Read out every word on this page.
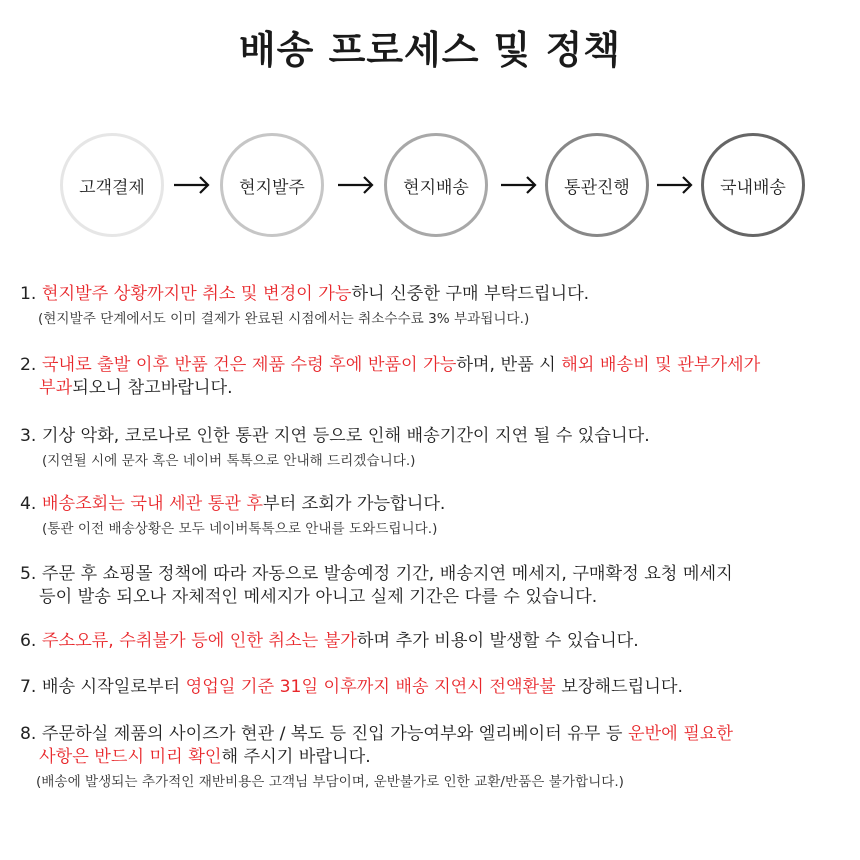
배송 프로세스 및 정책
고객결제	현지발주	현지배송	통관진행	국내배송

1. 현지발주 상황까지만 취소 및 변경이 가능하니 신중한 구매 부탁드립니다.

(현지발주 단계에서도 이미 결제가 완료된 시점에서는 취소수수료 3% 부과됩니다.)

2. 국내로 출발 이후 반품 건은 제품 수령 후에 반품이 가능하며, 반품 시 해외 배송비 및 관부가세가
부과되오니 참고바랍니다.

3. 기상 악화, 코로나로 인한 통관 지연 등으로 인해 배송기간이 지연 될 수 있습니다.

(지연될 시에 문자 혹은 네이버 톡톡으로 안내해 드리겠습니다.)

4. 배송조회는 국내 세관 통관 후부터 조회가 가능합니다.

(통관 이전 배송상황은 모두 네이버톡톡으로 안내를 도와드립니다.)

5. 주문 후 쇼핑몰 정책에 따라 자동으로 발송예정 기간, 배송지연 메세지, 구매확정 요청 메세지
등이 발송 되오나 자체적인 메세지가 아니고 실제 기간은 다를 수 있습니다.

6. 주소오류, 수취불가 등에 인한 취소는 불가하며 추가 비용이 발생할 수 있습니다.

7. 배송 시작일로부터 영업일 기준 31일 이후까지 배송 지연시 전액환불 보장해드립니다.

8. 주문하실 제품의 사이즈가 현관 / 복도 등 진입 가능여부와 엘리베이터 유무 등 운반에 필요한
사항은 반드시 미리 확인해 주시기 바랍니다.

(배송에 발생되는 추가적인 재반비용은 고객님 부담이며, 운반불가로 인한 교환/반품은 불가합니다.)
